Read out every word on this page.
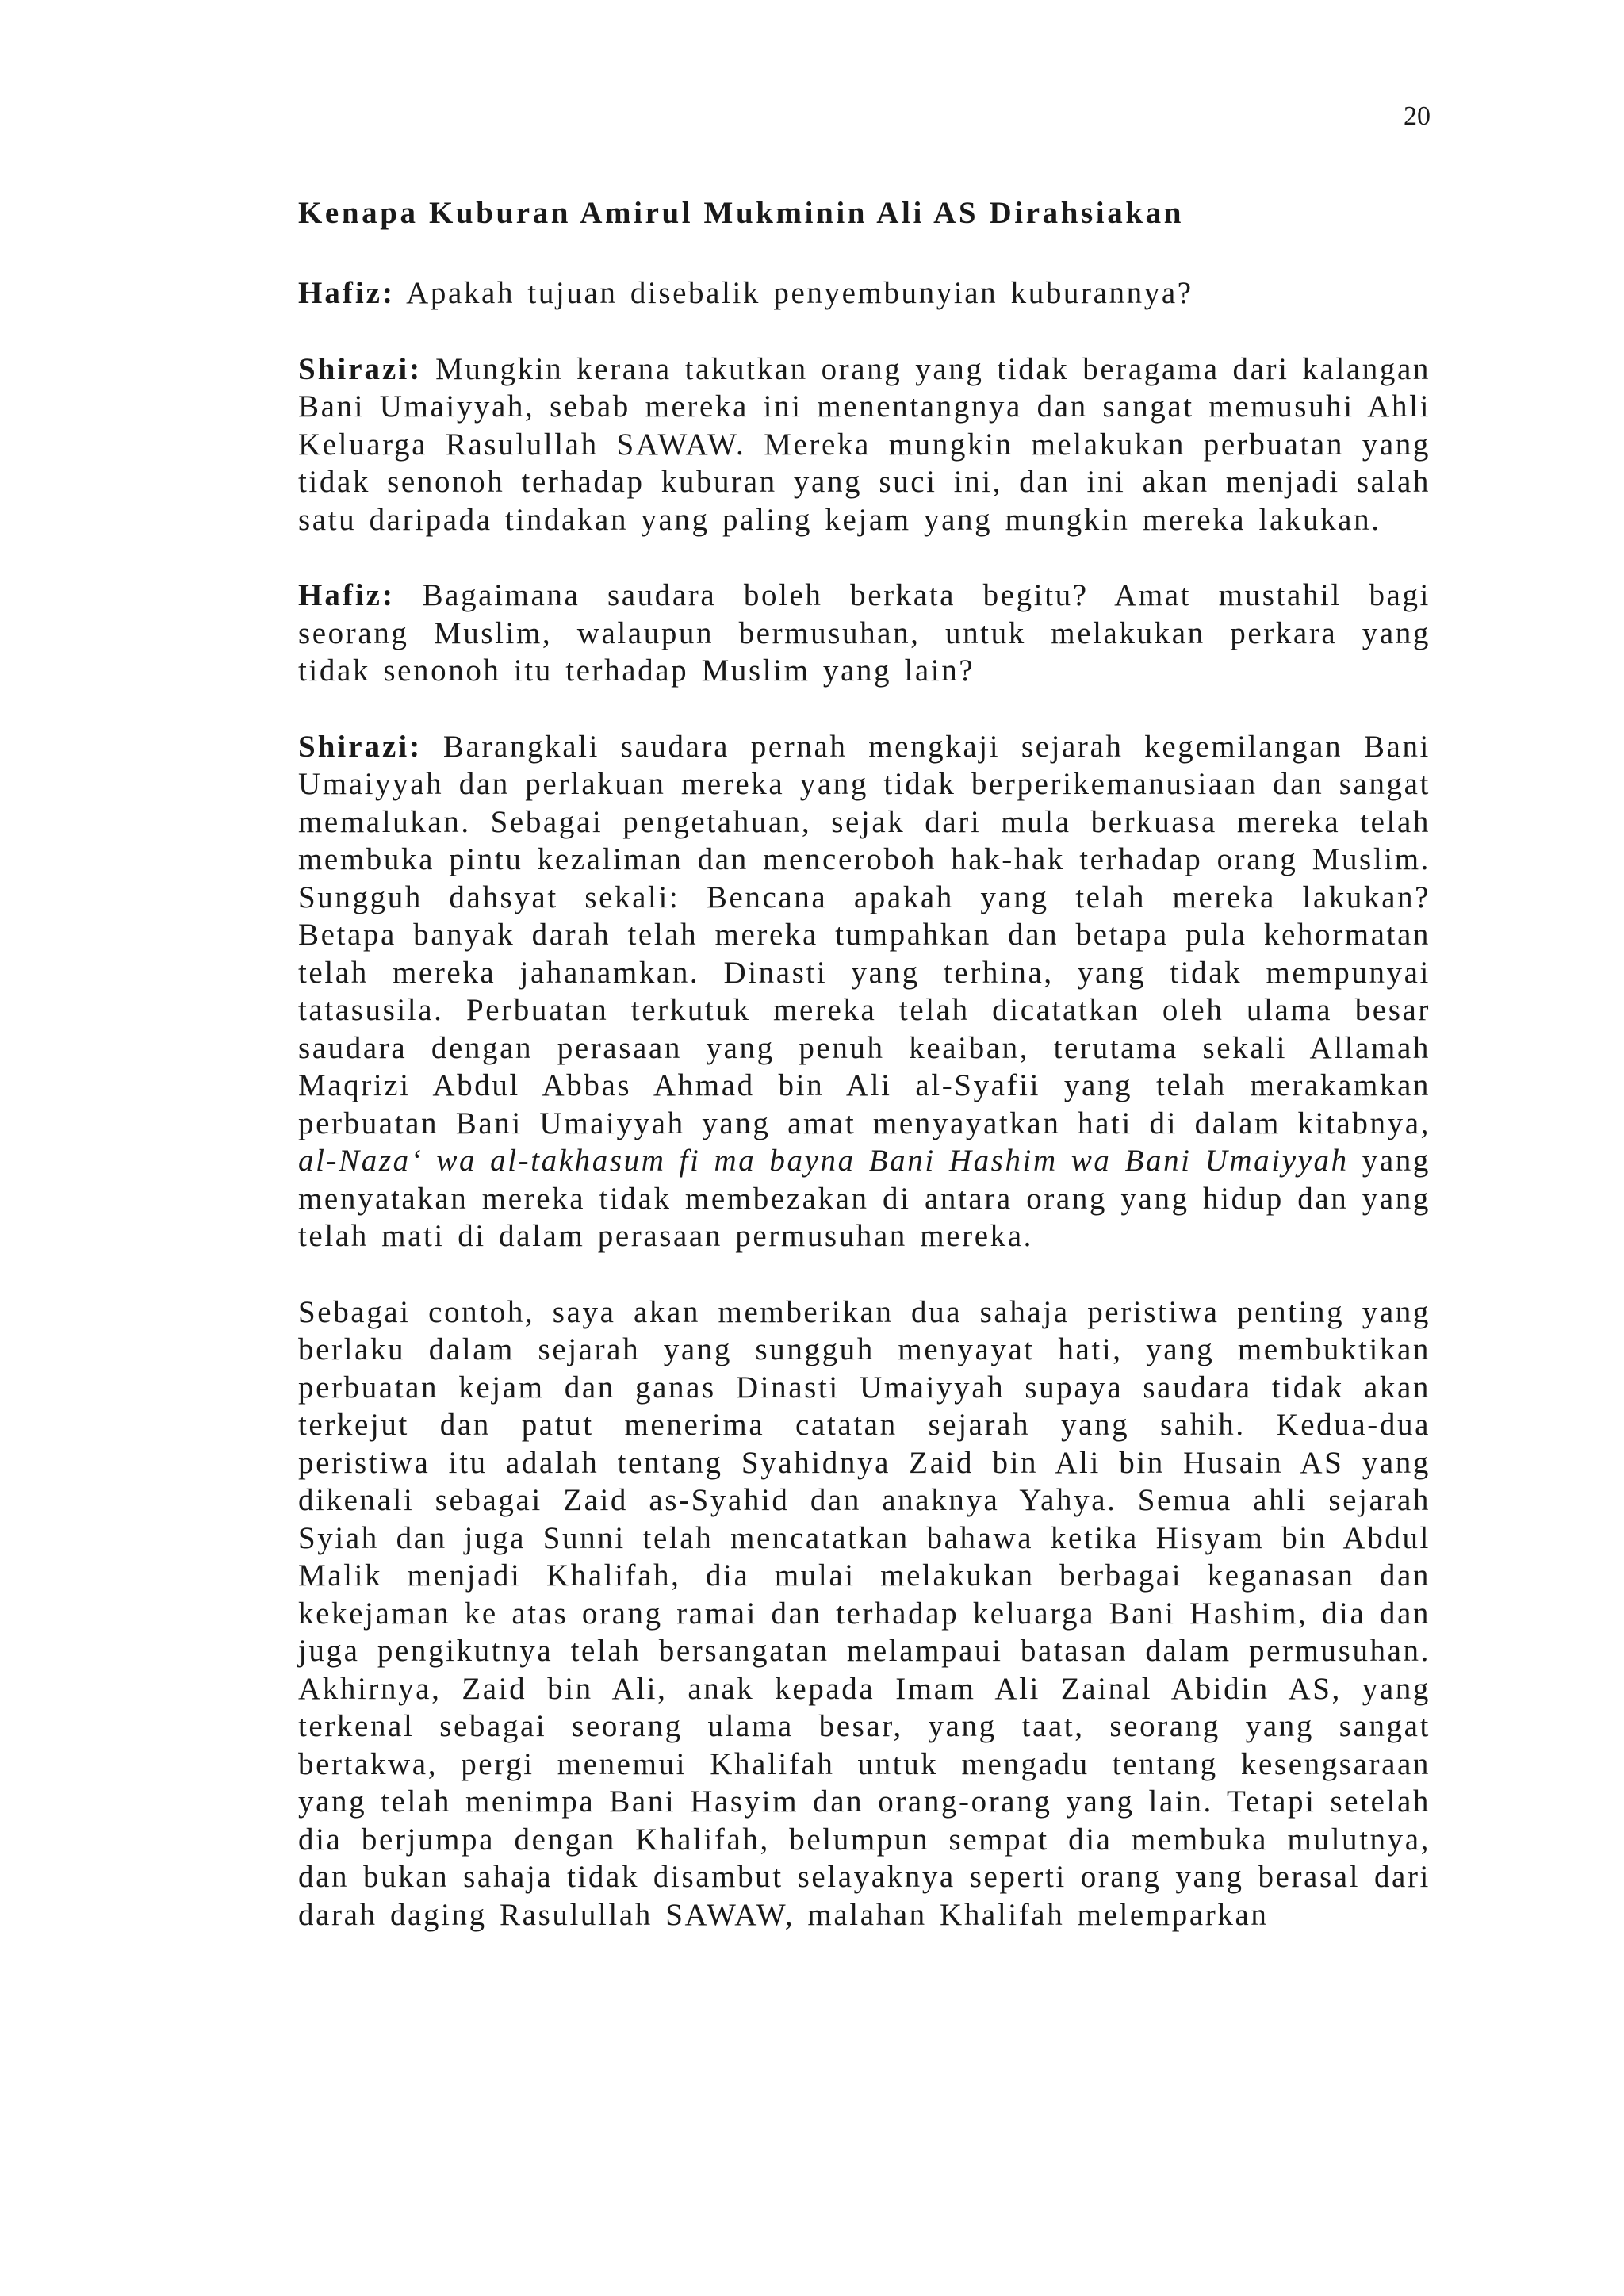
20
Kenapa Kuburan Amirul Mukminin Ali AS Dirahsiakan

Hafiz: Apakah tujuan disebalik penyembunyian kuburannya?

Shirazi: Mungkin kerana takutkan orang yang tidak beragama dari kalangan Bani Umaiyyah, sebab mereka ini menentangnya dan sangat memusuhi Ahli Keluarga Rasulullah SAWAW. Mereka mungkin melakukan perbuatan yang tidak senonoh terhadap kuburan yang suci ini, dan ini akan menjadi salah satu daripada tindakan yang paling kejam yang mungkin mereka lakukan.

Hafiz: Bagaimana saudara boleh berkata begitu? Amat mustahil bagi seorang Muslim, walaupun bermusuhan, untuk melakukan perkara yang tidak senonoh itu terhadap Muslim yang lain?

Shirazi: Barangkali saudara pernah mengkaji sejarah kegemilangan Bani Umaiyyah dan perlakuan mereka yang tidak berperikemanusiaan dan sangat memalukan. Sebagai pengetahuan, sejak dari mula berkuasa mereka telah membuka pintu kezaliman dan menceroboh hak-hak terhadap orang Muslim. Sungguh dahsyat sekali: Bencana apakah yang telah mereka lakukan? Betapa banyak darah telah mereka tumpahkan dan betapa pula kehormatan telah mereka jahanamkan. Dinasti yang terhina, yang tidak mempunyai tatasusila. Perbuatan terkutuk mereka telah dicatatkan oleh ulama besar saudara dengan perasaan yang penuh keaiban, terutama sekali Allamah Maqrizi Abdul Abbas Ahmad bin Ali al-Syafii yang telah merakamkan perbuatan Bani Umaiyyah yang amat menyayatkan hati di dalam kitabnya, al-Naza‘ wa al-takhasum fi ma bayna Bani Hashim wa Bani Umaiyyah yang menyatakan mereka tidak membezakan di antara orang yang hidup dan yang telah mati di dalam perasaan permusuhan mereka.

Sebagai contoh, saya akan memberikan dua sahaja peristiwa penting yang berlaku dalam sejarah yang sungguh menyayat hati, yang membuktikan perbuatan kejam dan ganas Dinasti Umaiyyah supaya saudara tidak akan terkejut dan patut menerima catatan sejarah yang sahih. Kedua-dua peristiwa itu adalah tentang Syahidnya Zaid bin Ali bin Husain AS yang dikenali sebagai Zaid as-Syahid dan anaknya Yahya. Semua ahli sejarah Syiah dan juga Sunni telah mencatatkan bahawa ketika Hisyam bin Abdul Malik menjadi Khalifah, dia mulai melakukan berbagai keganasan dan kekejaman ke atas orang ramai dan terhadap keluarga Bani Hashim, dia dan juga pengikutnya telah bersangatan melampaui batasan dalam permusuhan. Akhirnya, Zaid bin Ali, anak kepada Imam Ali Zainal Abidin AS, yang terkenal sebagai seorang ulama besar, yang taat, seorang yang sangat bertakwa, pergi menemui Khalifah untuk mengadu tentang kesengsaraan yang telah menimpa Bani Hasyim dan orang-orang yang lain. Tetapi setelah dia berjumpa dengan Khalifah, belumpun sempat dia membuka mulutnya, dan bukan sahaja tidak disambut selayaknya seperti orang yang berasal dari darah daging Rasulullah SAWAW, malahan Khalifah melemparkan
